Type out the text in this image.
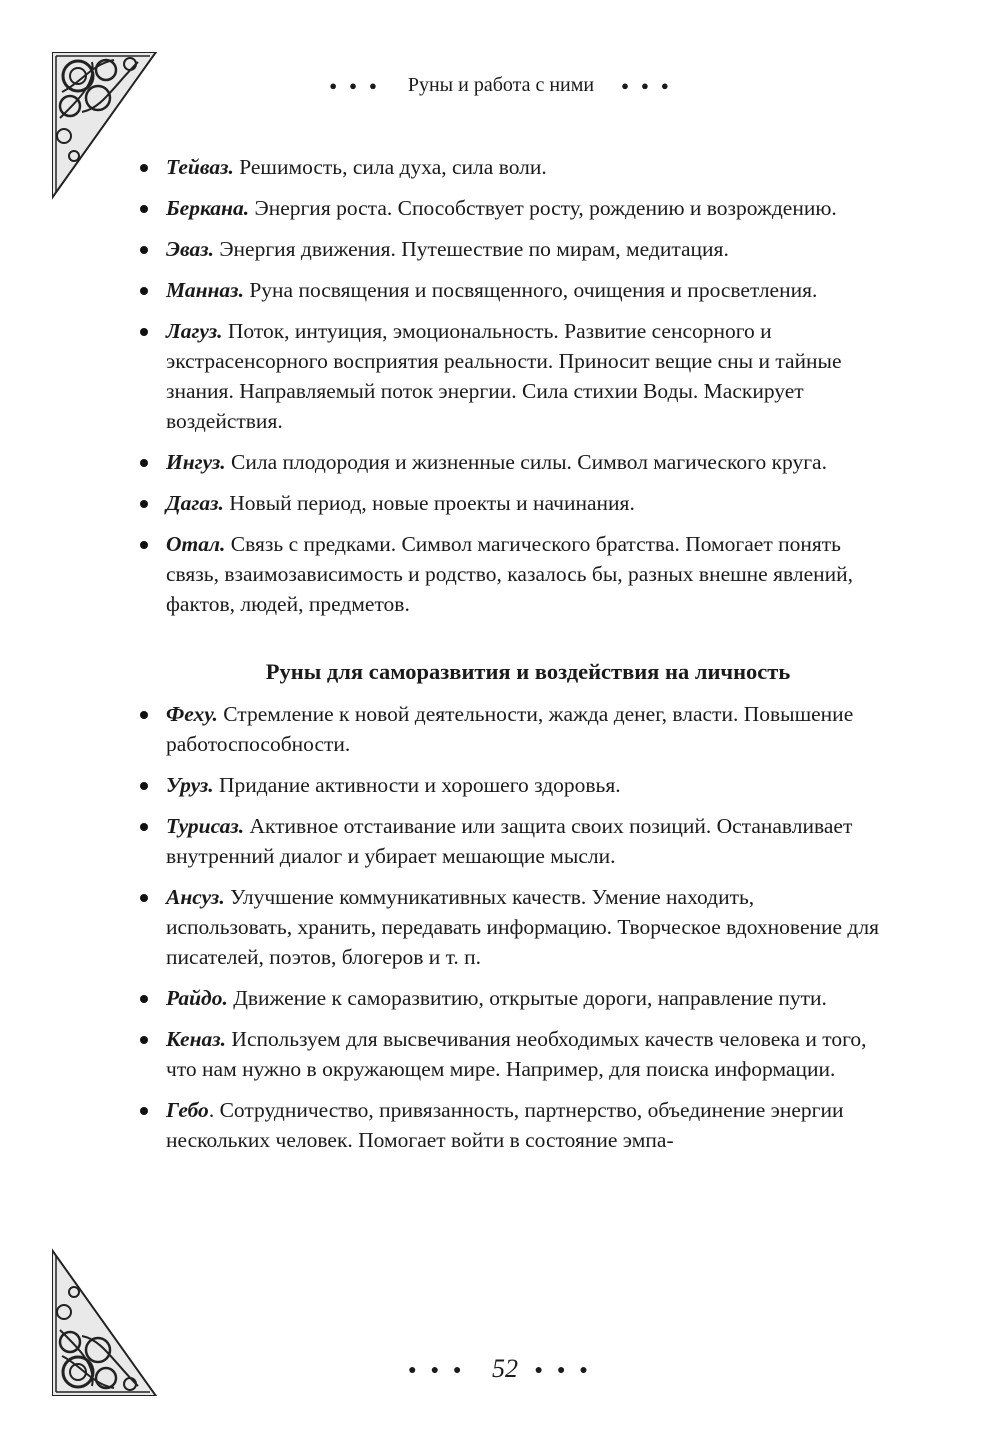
●●● Руны и работа с ними ●●●
Тейваз. Решимость, сила духа, сила воли.
Беркана. Энергия роста. Способствует росту, рождению и возрождению.
Эваз. Энергия движения. Путешествие по мирам, медитация.
Манназ. Руна посвящения и посвященного, очищения и просветления.
Лагуз. Поток, интуиция, эмоциональность. Развитие сенсорного и экстрасенсорного восприятия реальности. Приносит вещие сны и тайные знания. Направляемый поток энергии. Сила стихии Воды. Маскирует воздействия.
Ингуз. Сила плодородия и жизненные силы. Символ магического круга.
Дагаз. Новый период, новые проекты и начинания.
Отал. Связь с предками. Символ магического братства. Помогает понять связь, взаимозависимость и родство, казалось бы, разных внешне явлений, фактов, людей, предметов.
Руны для саморазвития и воздействия на личность
Феху. Стремление к новой деятельности, жажда денег, власти. Повышение работоспособности.
Уруз. Придание активности и хорошего здоровья.
Турисаз. Активное отстаивание или защита своих позиций. Останавливает внутренний диалог и убирает мешающие мысли.
Ансуз. Улучшение коммуникативных качеств. Умение находить, использовать, хранить, передавать информацию. Творческое вдохновение для писателей, поэтов, блогеров и т. п.
Райдо. Движение к саморазвитию, открытые дороги, направление пути.
Кеназ. Используем для высвечивания необходимых качеств человека и того, что нам нужно в окружающем мире. Например, для поиска информации.
Гебо. Сотрудничество, привязанность, партнерство, объединение энергии нескольких человек. Помогает войти в состояние эмпа-
●●● 52 ●●●
